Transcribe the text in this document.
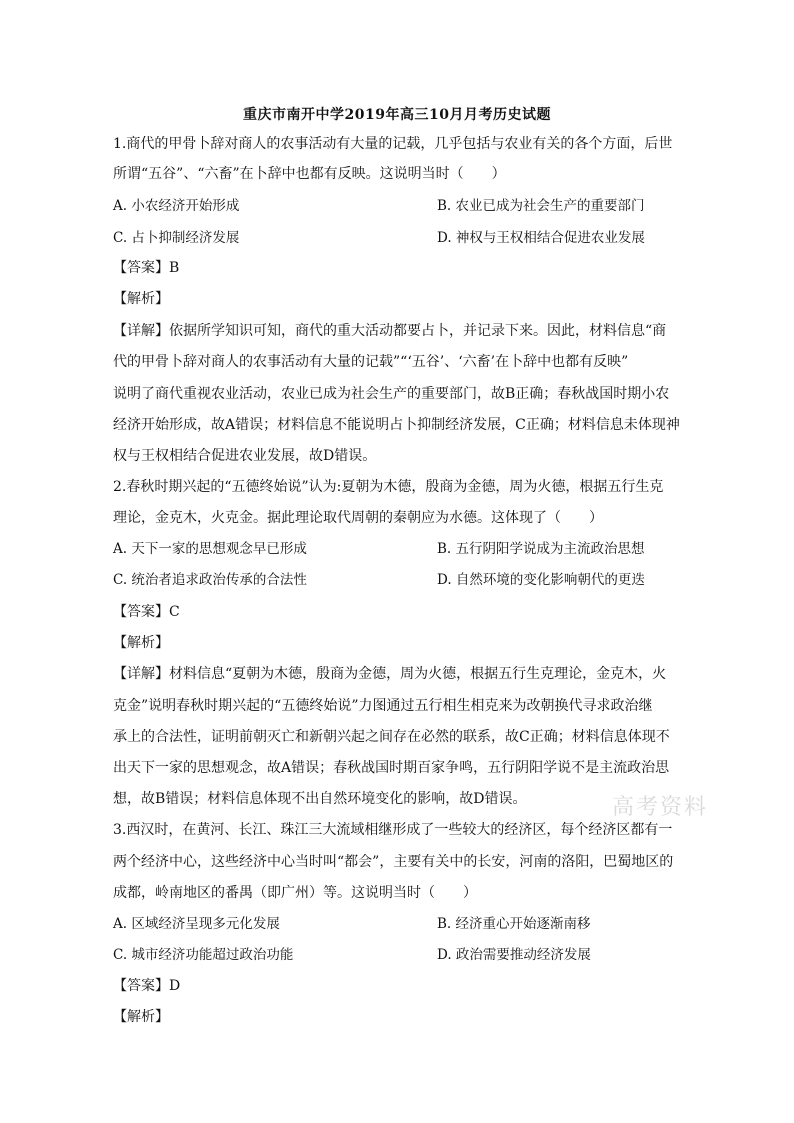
重庆市南开中学2019年高三10月月考历史试题
1.商代的甲骨卜辞对商人的农事活动有大量的记载，几乎包括与农业有关的各个方面，后世
所谓“五谷”、“六畜”在卜辞中也都有反映。这说明当时（　　）
A. 小农经济开始形成	B. 农业已成为社会生产的重要部门
C. 占卜抑制经济发展	D. 神权与王权相结合促进农业发展
【答案】B
【解析】
【详解】依据所学知识可知，商代的重大活动都要占卜，并记录下来。因此，材料信息“商
代的甲骨卜辞对商人的农事活动有大量的记载”“‘五谷’、‘六畜’在卜辞中也都有反映”
说明了商代重视农业活动，农业已成为社会生产的重要部门，故B正确；春秋战国时期小农
经济开始形成，故A错误；材料信息不能说明占卜抑制经济发展，C正确；材料信息未体现神
权与王权相结合促进农业发展，故D错误。
2.春秋时期兴起的“五德终始说”认为:夏朝为木德，殷商为金德，周为火德，根据五行生克
理论，金克木，火克金。据此理论取代周朝的秦朝应为水德。这体现了（　　）
A. 天下一家的思想观念早已形成	B. 五行阴阳学说成为主流政治思想
C. 统治者追求政治传承的合法性	D. 自然环境的变化影响朝代的更迭
【答案】C
【解析】
【详解】材料信息“夏朝为木德，殷商为金德，周为火德，根据五行生克理论，金克木，火
克金”说明春秋时期兴起的“五德终始说”力图通过五行相生相克来为改朝换代寻求政治继
承上的合法性，证明前朝灭亡和新朝兴起之间存在必然的联系，故C正确；材料信息体现不
出天下一家的思想观念，故A错误；春秋战国时期百家争鸣，五行阴阳学说不是主流政治思
想，故B错误；材料信息体现不出自然环境变化的影响，故D错误。	高考资料
3.西汉时，在黄河、长江、珠江三大流域相继形成了一些较大的经济区，每个经济区都有一
两个经济中心，这些经济中心当时叫“都会”，主要有关中的长安，河南的洛阳，巴蜀地区的
成都，岭南地区的番禺（即广州）等。这说明当时（　　）
A. 区域经济呈现多元化发展	B. 经济重心开始逐渐南移
C. 城市经济功能超过政治功能	D. 政治需要推动经济发展
【答案】D
【解析】
